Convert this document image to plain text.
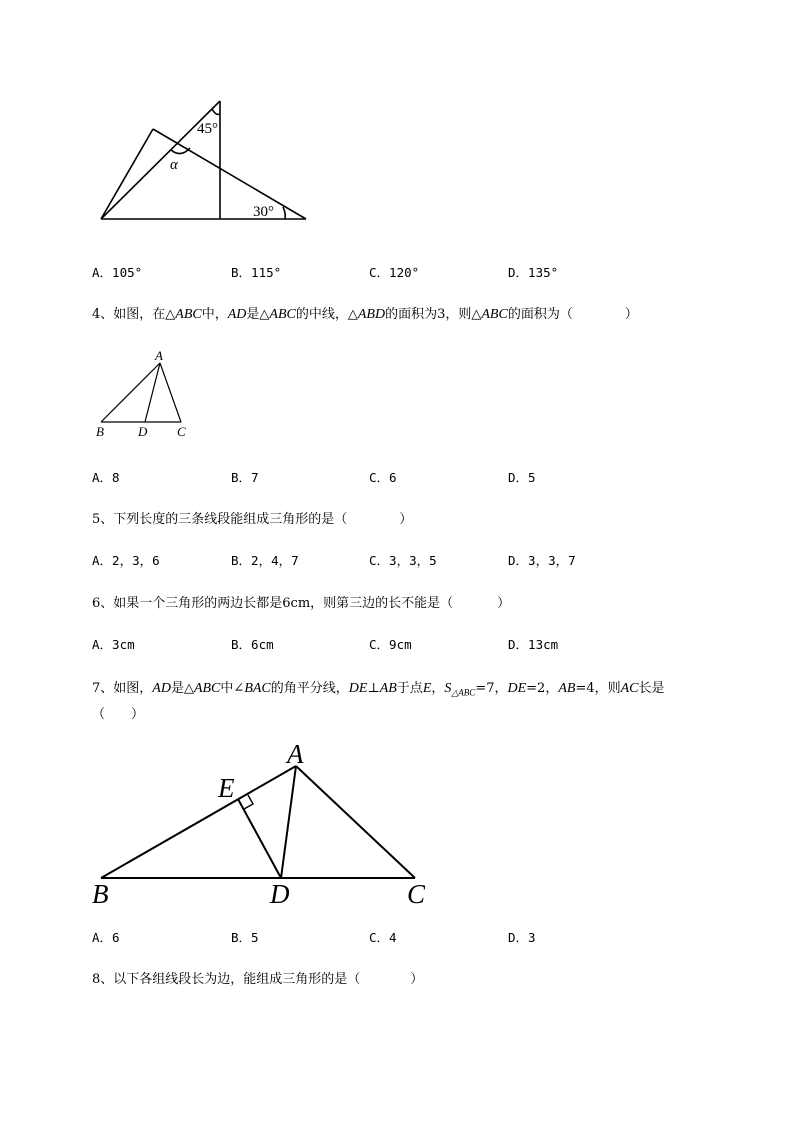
45°
α
30°
A．105°	B．115°	C．120°	D．135°
4、如图，在△ABC中，AD是△ABC的中线，△ABD的面积为3，则△ABC的面积为（	）
A
B	D C
A．8	B．7	C．6	D．5
5、下列长度的三条线段能组成三角形的是（	）
A．2，3，6	B．2，4，7	C．3，3，5	D．3，3，7
6、如果一个三角形的两边长都是6cm，则第三边的长不能是（	）
A．3cm	B．6cm	C．9cm	D．13cm
7、如图，AD是△ABC中∠BAC的角平分线，DE⊥AB于点E，$S_{\triangle ABC}=7$，DE=2，AB=4，则AC长是
（　　）
A
E
B	D	C
A．6	B．5	C．4	D．3
8、以下各组线段长为边，能组成三角形的是（	）
